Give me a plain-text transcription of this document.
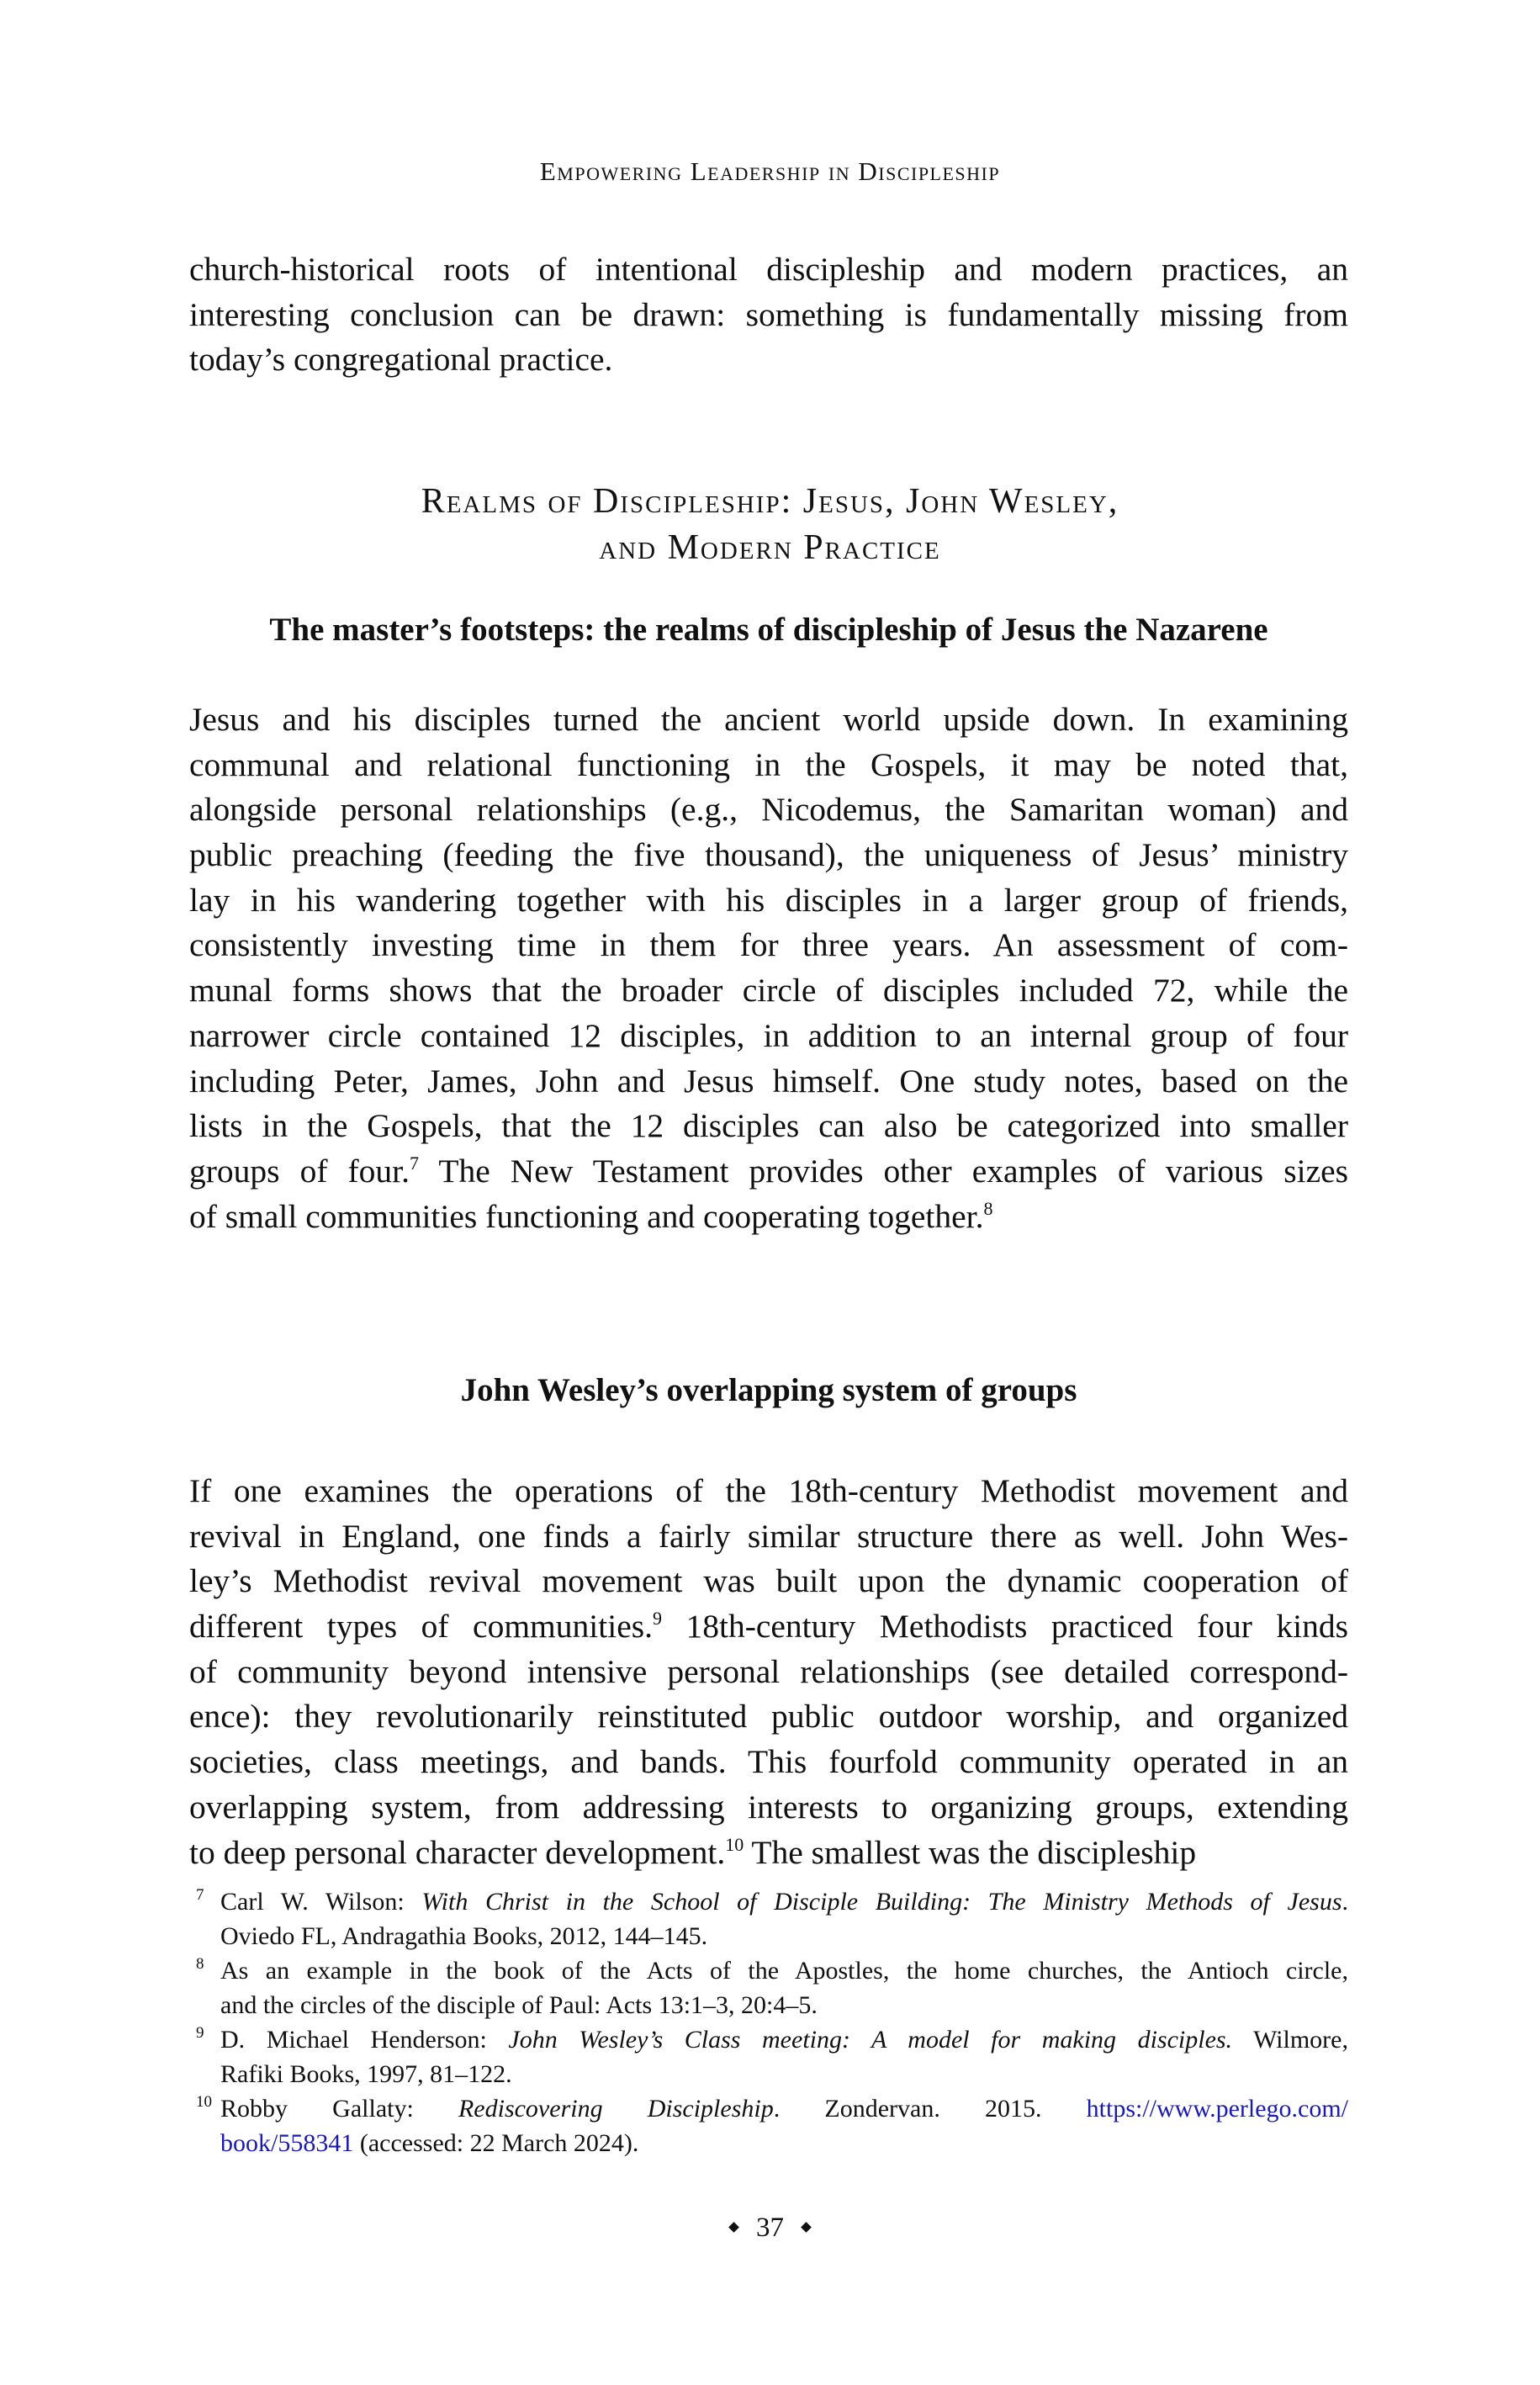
Empowering Leadership in Discipleship
church-historical roots of intentional discipleship and modern practices, an
interesting conclusion can be drawn: something is fundamentally missing from
today’s congregational practice.
Realms of Discipleship: Jesus, John Wesley,
and Modern Practice
The master’s footsteps: the realms of discipleship of Jesus the Nazarene
Jesus and his disciples turned the ancient world upside down. In examining
communal and relational functioning in the Gospels, it may be noted that,
alongside personal relationships (e.g., Nicodemus, the Samaritan woman) and
public preaching (feeding the five thousand), the uniqueness of Jesus’ ministry
lay in his wandering together with his disciples in a larger group of friends,
consistently investing time in them for three years. An assessment of com-
munal forms shows that the broader circle of disciples included 72, while the
narrower circle contained 12 disciples, in addition to an internal group of four
including Peter, James, John and Jesus himself. One study notes, based on the
lists in the Gospels, that the 12 disciples can also be categorized into smaller
groups of four.$^7$ The New Testament provides other examples of various sizes
of small communities functioning and cooperating together.$^8$
John Wesley’s overlapping system of groups
If one examines the operations of the 18th-century Methodist movement and
revival in England, one finds a fairly similar structure there as well. John Wes-
ley’s Methodist revival movement was built upon the dynamic cooperation of
different types of communities.$^9$ 18th-century Methodists practiced four kinds
of community beyond intensive personal relationships (see detailed correspond-
ence): they revolutionarily reinstituted public outdoor worship, and organized
societies, class meetings, and bands. This fourfold community operated in an
overlapping system, from addressing interests to organizing groups, extending
to deep personal character development.$^{10}$ The smallest was the discipleship
7 Carl W. Wilson: With Christ in the School of Disciple Building: The Ministry Methods of Jesus.
Oviedo FL, Andragathia Books, 2012, 144–145.
8 As an example in the book of the Acts of the Apostles, the home churches, the Antioch circle,
and the circles of the disciple of Paul: Acts 13:1–3, 20:4–5.
9 D. Michael Henderson: John Wesley’s Class meeting: A model for making disciples. Wilmore,
Rafiki Books, 1997, 81–122.
10 Robby Gallaty: Rediscovering Discipleship. Zondervan. 2015. https://www.perlego.com/
book/558341 (accessed: 22 March 2024).
37
